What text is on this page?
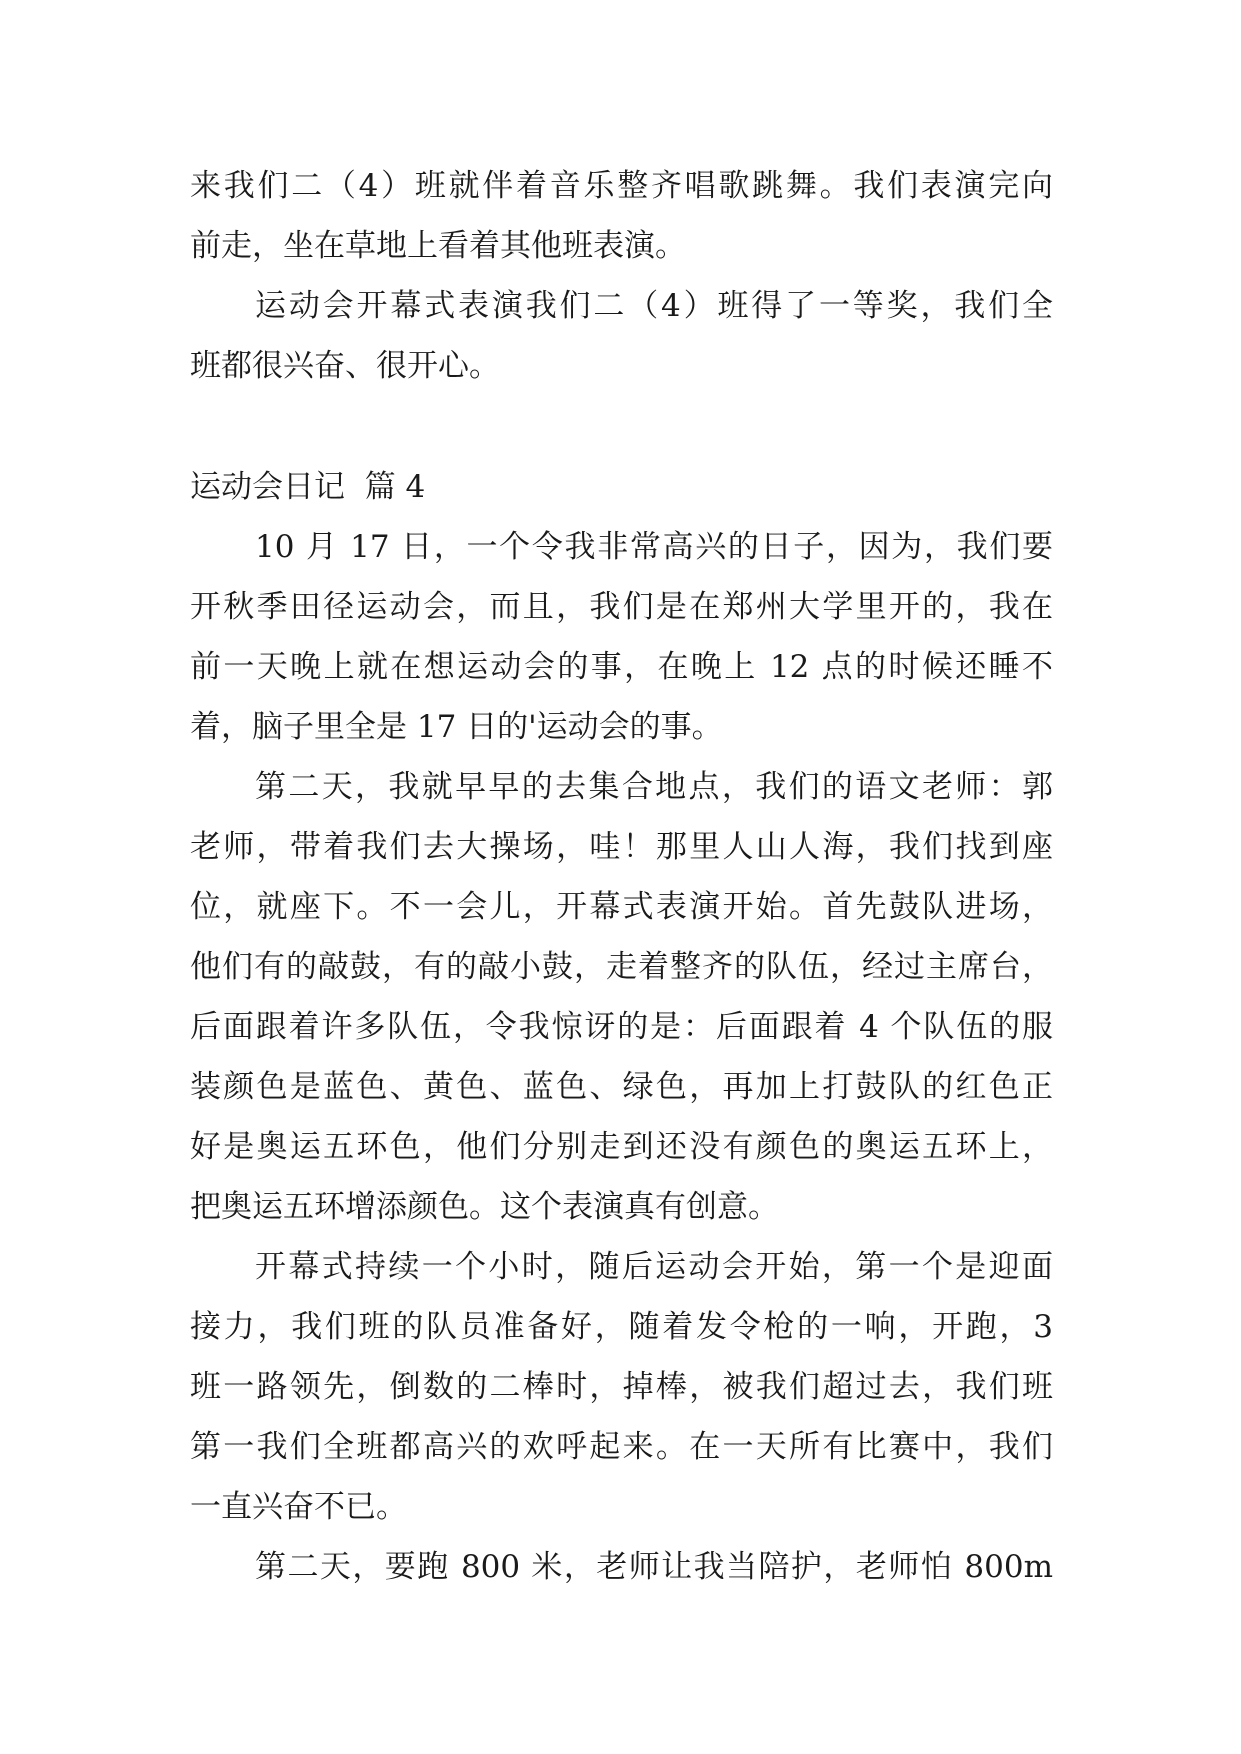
来我们二（4）班就伴着音乐整齐唱歌跳舞。我们表演完向
前走，坐在草地上看着其他班表演。
运动会开幕式表演我们二（4）班得了一等奖，我们全
班都很兴奋、很开心。
运动会日记  篇 4
10 月 17 日，一个令我非常高兴的日子，因为，我们要
开秋季田径运动会，而且，我们是在郑州大学里开的，我在
前一天晚上就在想运动会的事，在晚上 12 点的时候还睡不
着，脑子里全是 17 日的'运动会的事。
第二天，我就早早的去集合地点，我们的语文老师：郭
老师，带着我们去大操场，哇！那里人山人海，我们找到座
位，就座下。不一会儿，开幕式表演开始。首先鼓队进场，
他们有的敲鼓，有的敲小鼓，走着整齐的队伍，经过主席台，
后面跟着许多队伍，令我惊讶的是：后面跟着 4 个队伍的服
装颜色是蓝色、黄色、蓝色、绿色，再加上打鼓队的红色正
好是奥运五环色，他们分别走到还没有颜色的奥运五环上，
把奥运五环增添颜色。这个表演真有创意。
开幕式持续一个小时，随后运动会开始，第一个是迎面
接力，我们班的队员准备好，随着发令枪的一响，开跑，3
班一路领先，倒数的二棒时，掉棒，被我们超过去，我们班
第一我们全班都高兴的欢呼起来。在一天所有比赛中，我们
一直兴奋不已。
第二天，要跑 800 米，老师让我当陪护，老师怕 800m
